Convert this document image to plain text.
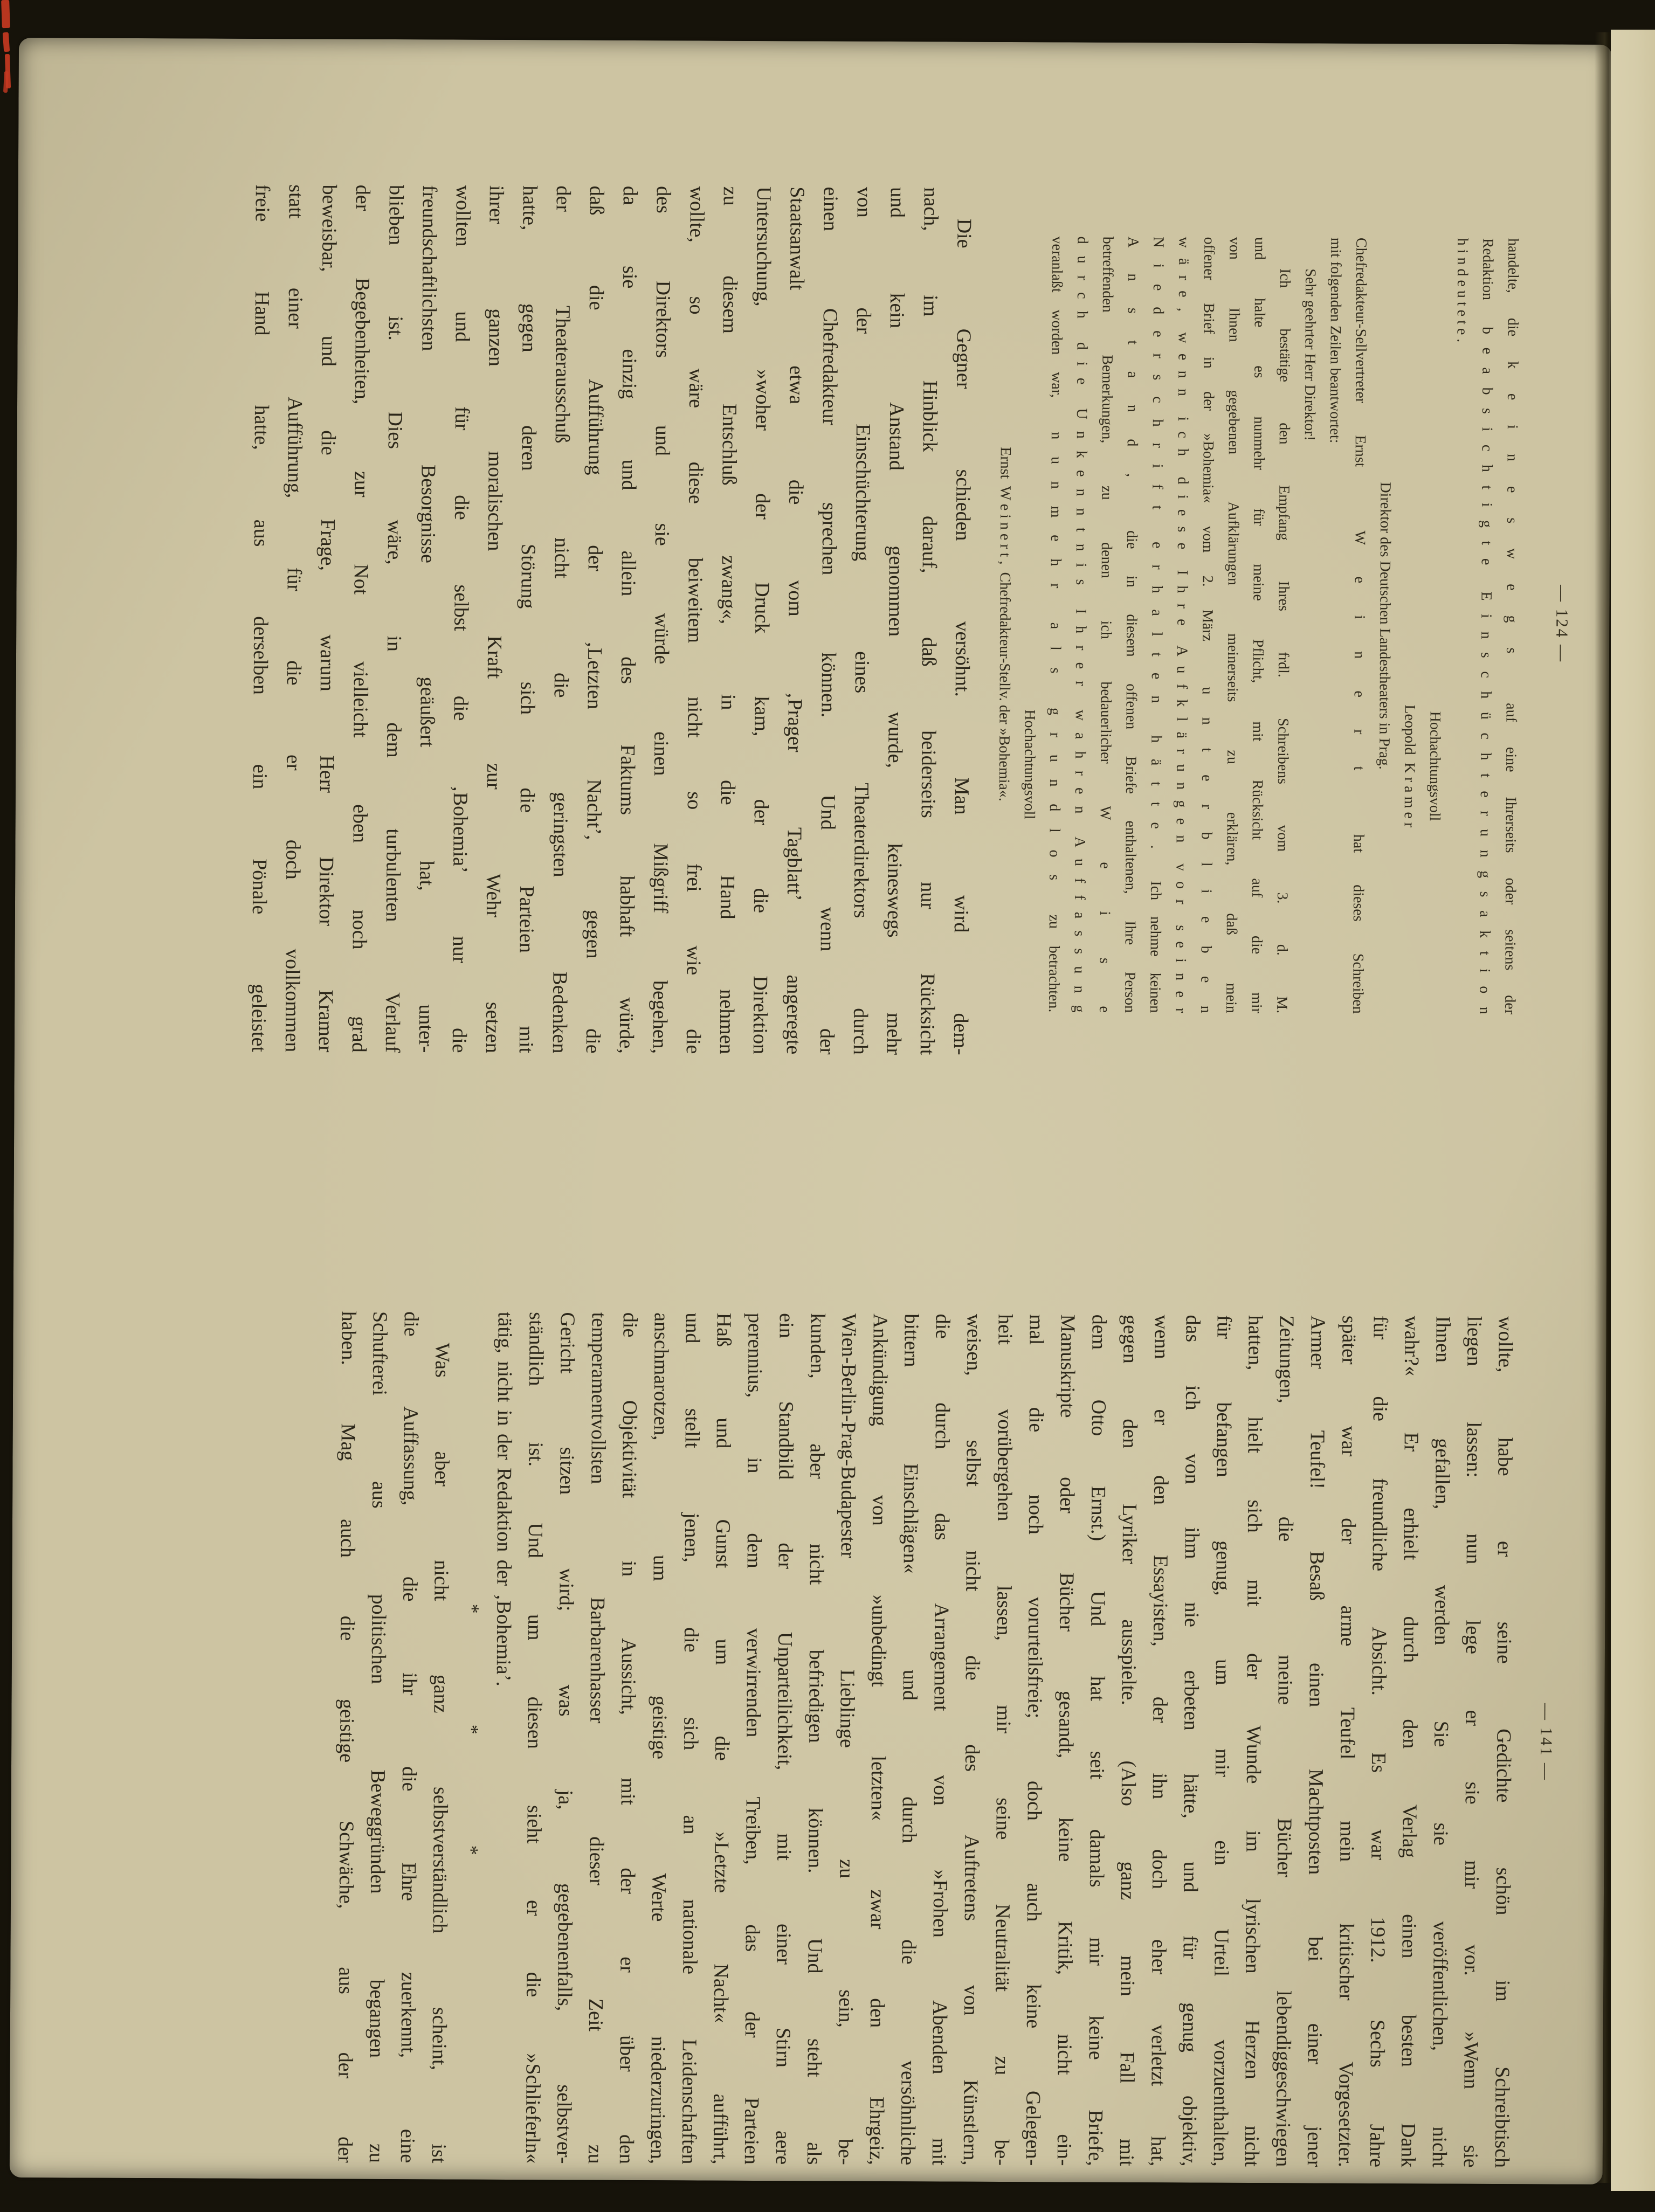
— 124 —
handelte, die k e i n e s w e g s  auf eine Ihrerseits oder seitens der
Redaktion  b e a b s i c h t i g t e  E i n s c h ü c h t e r u n g s a k t i o n
h i n d e u t e t e .
Hochachtungsvoll
Leopold  K r a m e r
Direktor des Deutschen Landestheaters in Prag.
Chefredakteur-Sellvertreter Ernst  W e i n e r t  hat dieses Schreiben
mit folgenden Zeilen beantwortet:
Sehr geehrter Herr Direktor!
Ich bestätige den Empfang Ihres frdl. Schreibens vom 3. d. M.
und halte es nunmehr für meine Pflicht, mit Rücksicht auf die mir
von Ihnen gegebenen Aufklärungen meinerseits zu erklären, daß mein
offener Brief in der »Bohemia« vom 2. März  u n t e r b l i e b e n
w ä r e ,  w e n n  i c h  d i e s e  I h r e  A u f k l ä r u n g e n  v o r  s e i n e r
N i e d e r s c h r i f t  e r h a l t e n  h ä t t e .  Ich nehme keinen
A n s t a n d ,  die in diesem offenen Briefe enthaltenen, Ihre Person
betreffenden Bemerkungen, zu denen ich bedauerlicher W e i s e
d u r c h  d i e  U n k e n n t n i s  I h r e r  w a h r e n  A u f f a s s u n g
veranlaßt worden war,  n u n m e h r  a l s  g r u n d l o s  zu betrachten.
Hochachtungsvoll
Ernst  W e i n e r t ,  Chefredakteur-Stellv. der »Bohemia«.
Die Gegner schieden versöhnt. Man wird dem-
nach, im Hinblick darauf, daß beiderseits nur Rücksicht
und kein Anstand genommen wurde, keineswegs mehr
von der Einschüchterung eines Theaterdirektors durch
einen Chefredakteur sprechen können. Und wenn der
Staatsanwalt etwa die vom ‚Prager Tagblatt’ angeregte
Untersuchung, »woher der Druck kam, der die Direktion
zu diesem Entschluß zwang«, in die Hand nehmen
wollte, so wäre diese beiweitem nicht so frei wie die
des Direktors und sie würde einen Mißgriff begehen,
da sie einzig und allein des Faktums habhaft würde,
daß die Aufführung der ‚Letzten Nacht’, gegen die
der Theaterausschuß nicht die geringsten Bedenken
hatte, gegen deren Störung sich die Parteien mit
ihrer ganzen moralischen Kraft zur Wehr setzen
wollten und für die selbst die ‚Bohemia’ nur die
freundschaftlichsten Besorgnisse geäußert hat, unter-
blieben ist. Dies wäre, in dem turbulenten Verlauf
der Begebenheiten, zur Not vielleicht eben noch grad
beweisbar, und die Frage, warum Herr Direktor Kramer
statt einer Aufführung, für die er doch vollkommen
freie Hand hatte, aus derselben ein Pönale geleistet
— 141 —
wollte, habe er seine Gedichte schön im Schreibtisch
liegen lassen: nun lege er sie mir vor. »Wenn sie
Ihnen gefallen, werden Sie sie veröffentlichen, nicht
wahr?« Er erhielt durch den Verlag einen besten Dank
für die freundliche Absicht. Es war 1912. Sechs Jahre
später war der arme Teufel mein kritischer Vorgesetzter.
Armer Teufel! Besaß einen Machtposten bei einer jener
Zeitungen, die meine Bücher lebendiggeschwiegen
hatten, hielt sich mit der Wunde im lyrischen Herzen nicht
für befangen genug, um mir ein Urteil vorzuenthalten,
das ich von ihm nie erbeten hätte, und für genug objektiv,
wenn er den Essayisten, der ihn doch eher verletzt hat,
gegen den Lyriker ausspielte. (Also ganz mein Fall mit
dem Otto Ernst.) Und hat seit damals mir keine Briefe,
Manuskripte oder Bücher gesandt, keine Kritik, nicht ein-
mal die noch vorurteilsfreie; doch auch keine Gelegen-
heit vorübergehen lassen, mir seine Neutralität zu be-
weisen, selbst nicht die des Auftretens von Künstlern,
die durch das Arrangement von »Frohen Abenden mit
bittern Einschlägen« und durch die versöhnliche
Ankündigung von »unbedingt letzten« zwar den Ehrgeiz,
Wien-Berlin-Prag-Budapester Lieblinge zu sein, be-
kunden, aber nicht befriedigen können. Und steht als
ein Standbild der Unparteilichkeit, mit einer Stirn aere
perennius, in dem verwirrenden Treiben, das der Parteien
Haß und Gunst um die »Letzte Nacht« aufführt,
und stellt jenen, die sich an nationale Leidenschaften
anschmarotzen, um geistige Werte niederzuringen,
die Objektivität in Aussicht, mit der er über den
temperamentvollsten Barbarenhasser dieser Zeit zu
Gericht sitzen wird; was ja, gegebenenfalls, selbstver-
ständlich ist. Und um diesen sieht er die »Schlieferln«
tätig, nicht in der Redaktion der ‚Bohemia’.
*    *    *
Was aber nicht ganz selbstverständlich scheint, ist
die Auffassung, die ihr die Ehre zuerkennt, eine
Schufterei aus politischen Beweggründen begangen zu
haben. Mag auch die geistige Schwäche, aus der der
